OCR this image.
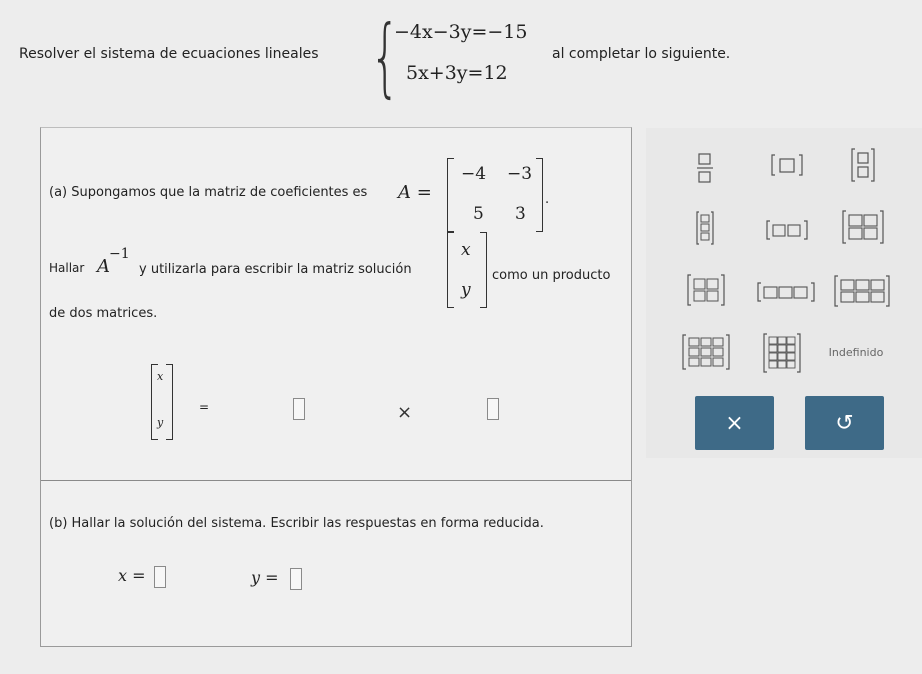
Resolver el sistema de ecuaciones lineales {
−4x−3y=−15
5x+3y=12
al completar lo siguiente.
(a) Supongamos que la matriz de coeficientes es A =
−4 −3
5 3
.
Hallar A
−1
y utilizarla para escribir la matriz solución
x
y
como un producto
de dos matrices.
x
y
=	×
(b) Hallar la solución del sistema. Escribir las respuestas en forma reducida.
x =	y =
Indefinido
×	↺
